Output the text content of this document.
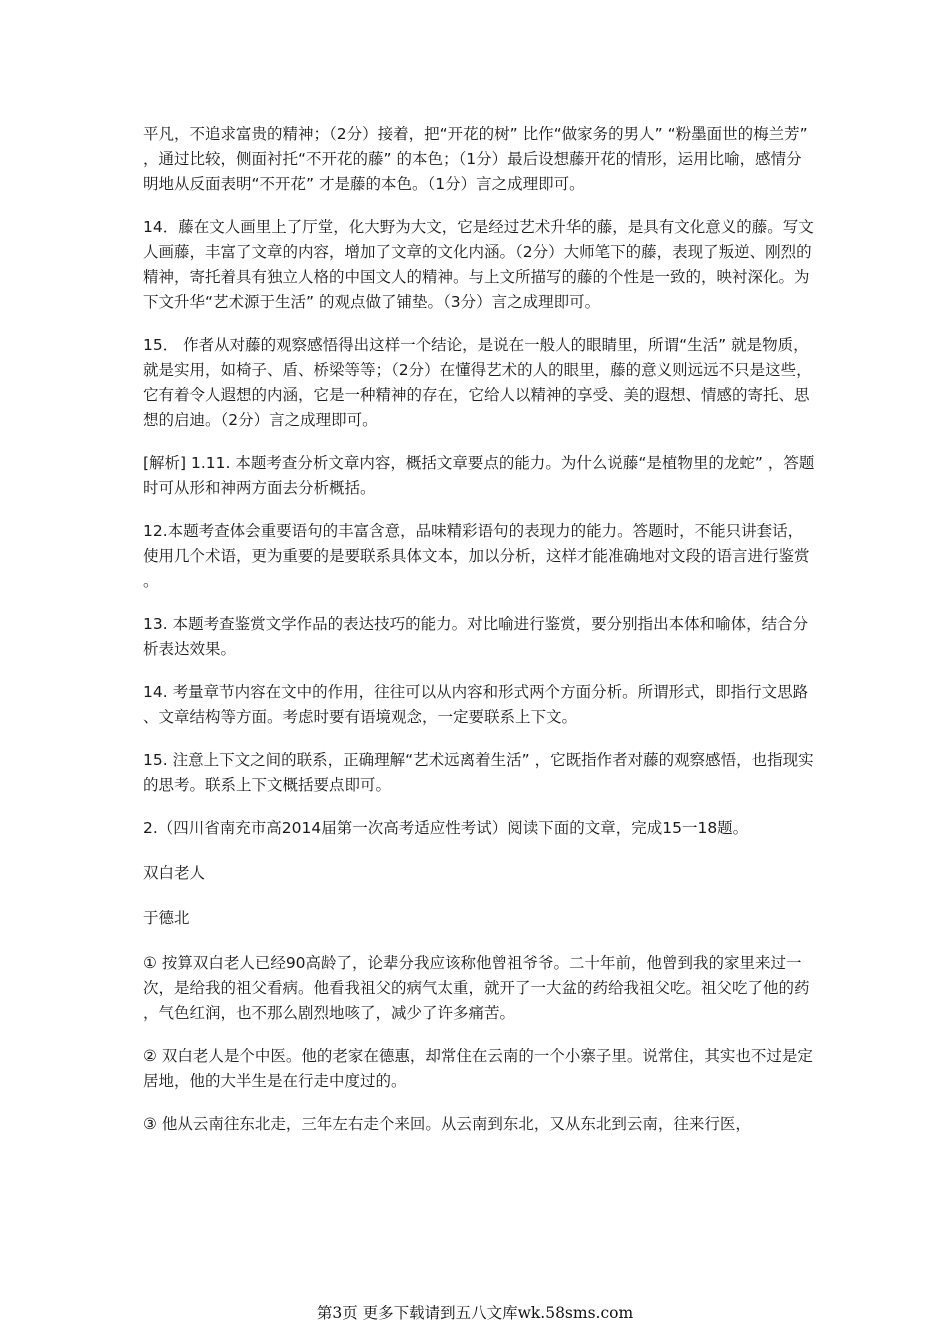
平凡，不追求富贵的精神；（2分）接着，把“开花的树” 比作“做家务的男人” “粉墨面世的梅兰芳” ，通过比较，侧面衬托“不开花的藤” 的本色；（1分）最后设想藤开花的情形，运用比喻，感情分明地从反面表明“不开花” 才是藤的本色。（1分）言之成理即可。

14．藤在文人画里上了厅堂，化大野为大文，它是经过艺术升华的藤，是具有文化意义的藤。写文人画藤，丰富了文章的内容，增加了文章的文化内涵。（2分）大师笔下的藤，表现了叛逆、刚烈的精神，寄托着具有独立人格的中国文人的精神。与上文所描写的藤的个性是一致的，映衬深化。为下文升华“艺术源于生活” 的观点做了铺垫。（3分）言之成理即可。

15． 作者从对藤的观察感悟得出这样一个结论，是说在一般人的眼睛里，所谓“生活” 就是物质，就是实用，如椅子、盾、桥梁等等；（2分）在懂得艺术的人的眼里，藤的意义则远远不只是这些，它有着令人遐想的内涵，它是一种精神的存在，它给人以精神的享受、美的遐想、情感的寄托、思想的启迪。（2分）言之成理即可。

[解析] 1.11. 本题考查分析文章内容，概括文章要点的能力。为什么说藤“是植物里的龙蛇” ，答题时可从形和神两方面去分析概括。

12.本题考查体会重要语句的丰富含意，品味精彩语句的表现力的能力。答题时，不能只讲套话，使用几个术语，更为重要的是要联系具体文本，加以分析，这样才能准确地对文段的语言进行鉴赏。

13. 本题考查鉴赏文学作品的表达技巧的能力。对比喻进行鉴赏，要分别指出本体和喻体，结合分析表达效果。

14. 考量章节内容在文中的作用，往往可以从内容和形式两个方面分析。所谓形式，即指行文思路、文章结构等方面。考虑时要有语境观念，一定要联系上下文。

15. 注意上下文之间的联系，正确理解“艺术远离着生活” ，它既指作者对藤的观察感悟，也指现实的思考。联系上下文概括要点即可。

2.（四川省南充市高2014届第一次高考适应性考试）阅读下面的文章，完成15一18题。

双白老人

于德北

① 按算双白老人已经90高龄了，论辈分我应该称他曾祖爷爷。二十年前，他曾到我的家里来过一次，是给我的祖父看病。他看我祖父的病气太重，就开了一大盆的药给我祖父吃。祖父吃了他的药，气色红润，也不那么剧烈地咳了，减少了许多痛苦。

② 双白老人是个中医。他的老家在德惠，却常住在云南的一个小寨子里。说常住，其实也不过是定居地，他的大半生是在行走中度过的。

③ 他从云南往东北走，三年左右走个来回。从云南到东北，又从东北到云南，往来行医，

第3页 更多下载请到五八文库wk.58sms.com
